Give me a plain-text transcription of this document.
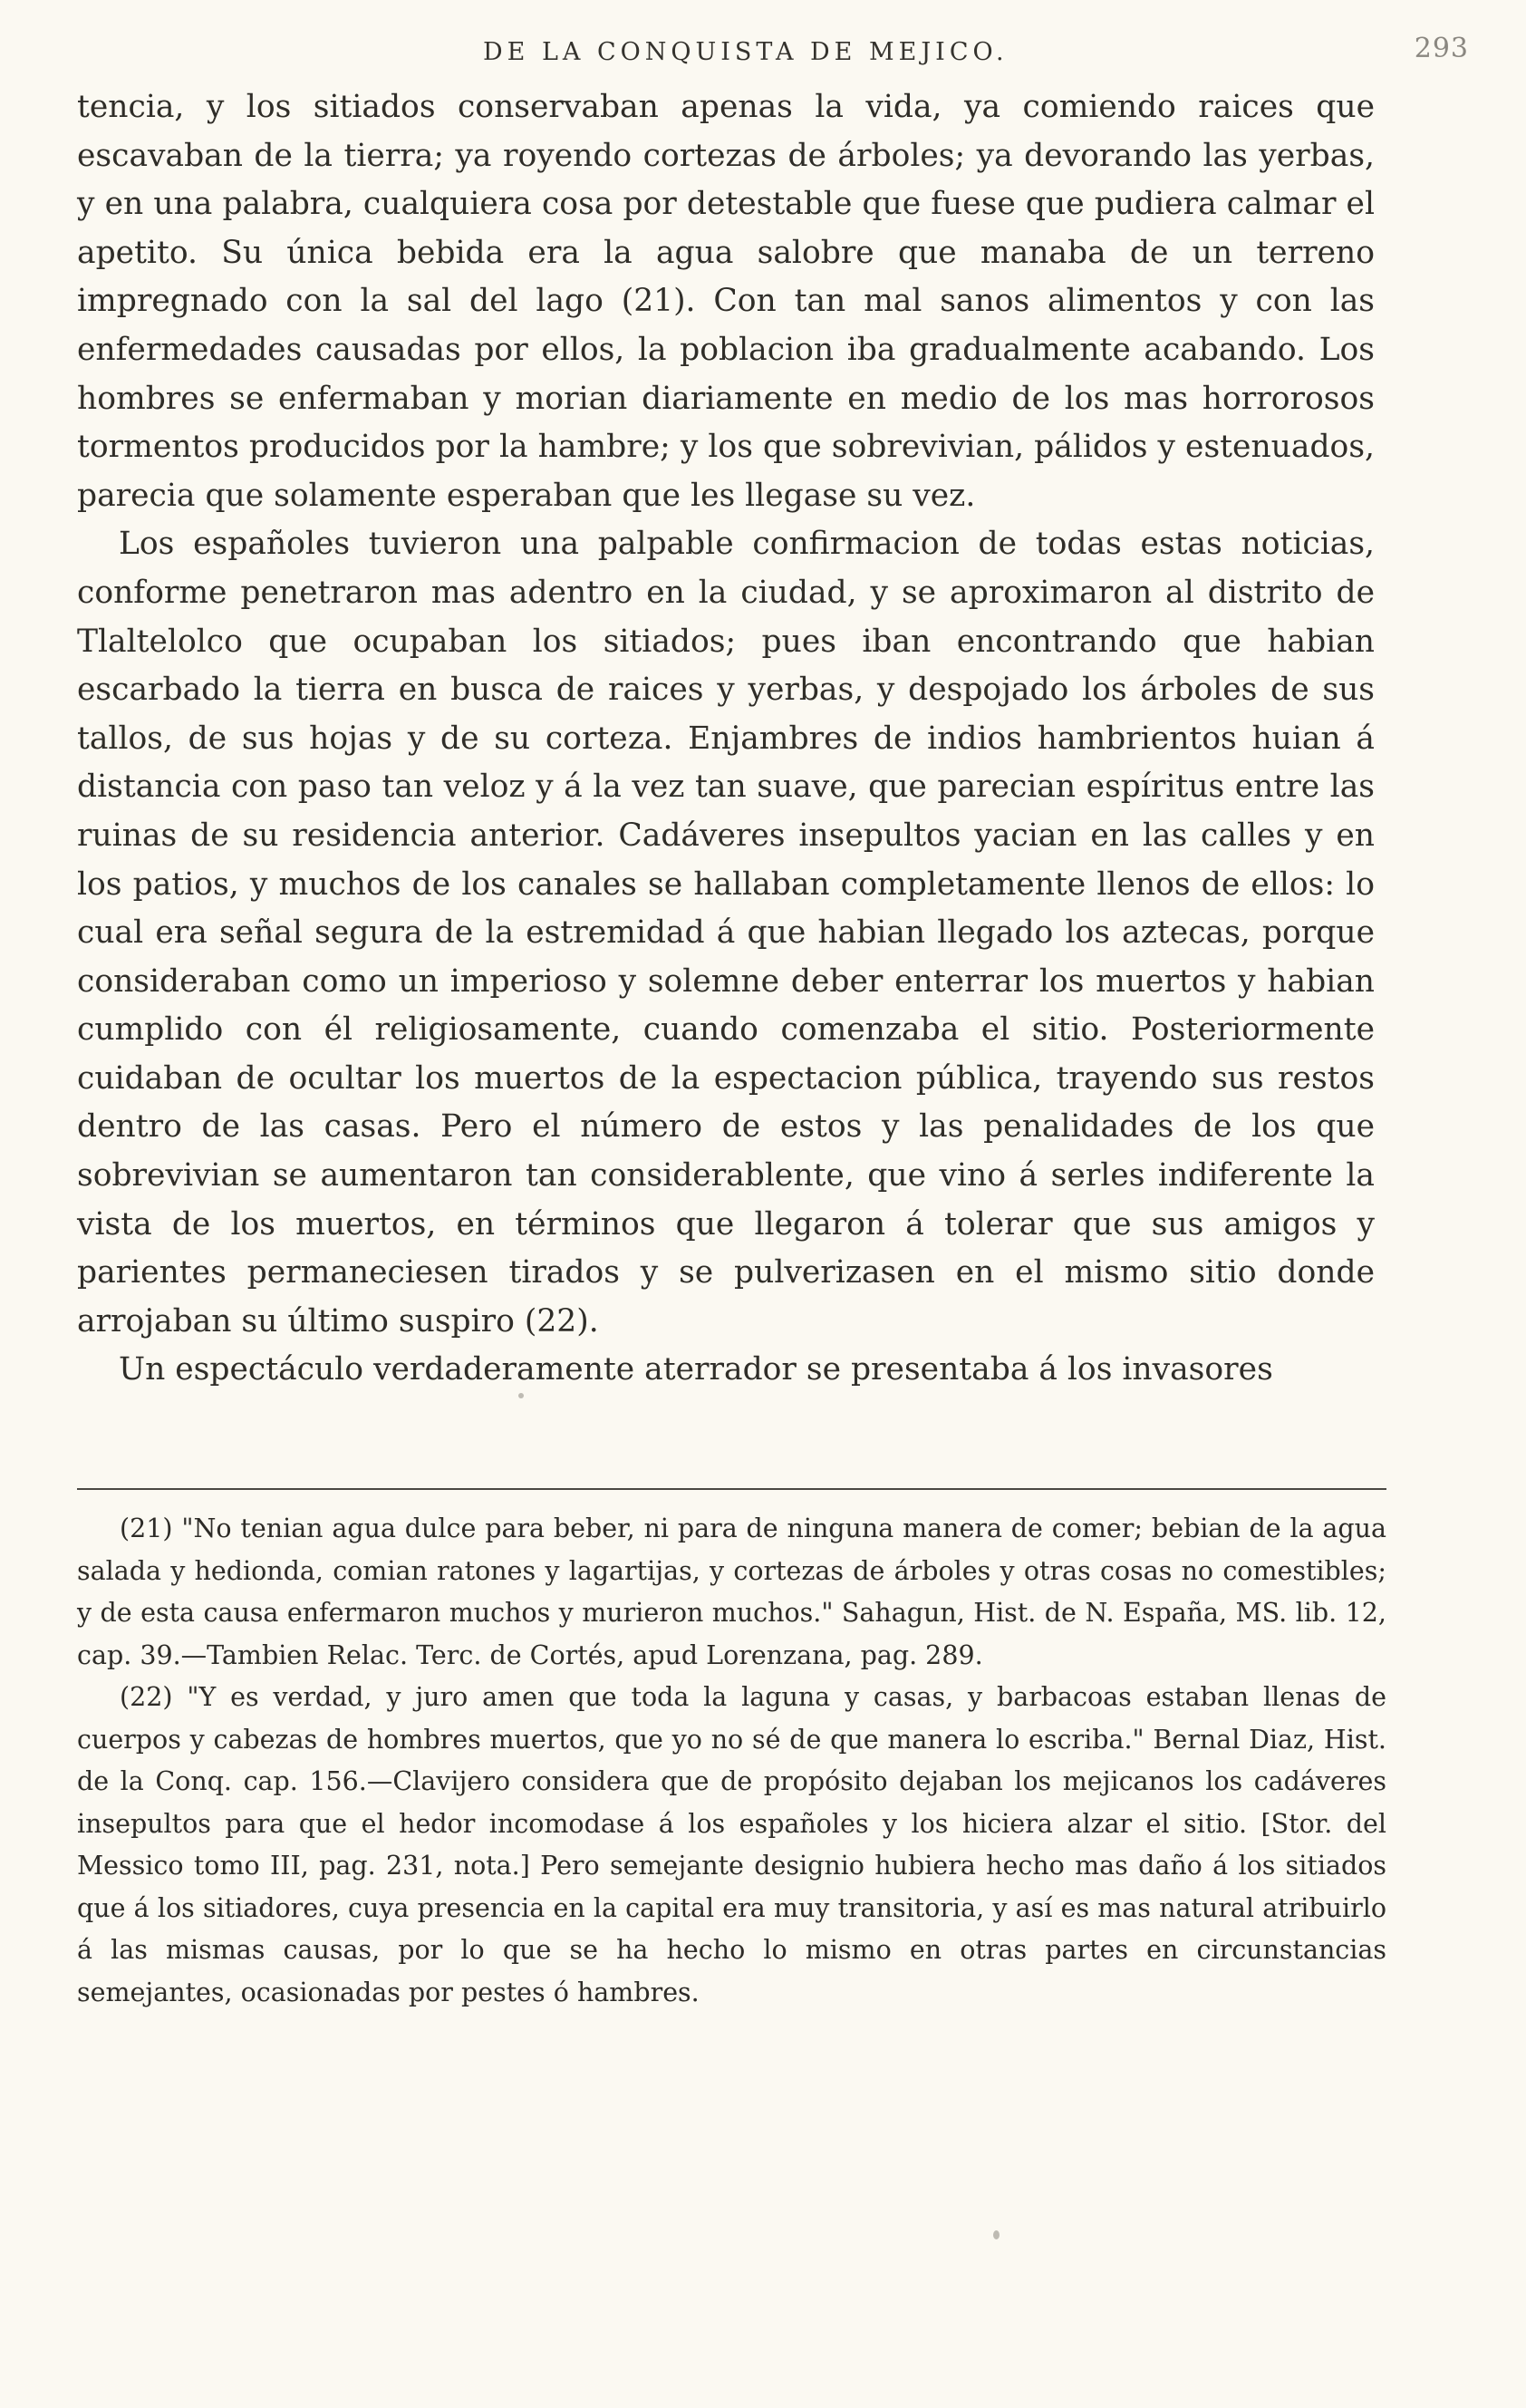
DE LA CONQUISTA DE MEJICO.	293

tencia, y los sitiados conservaban apenas la vida, ya comiendo raices que escavaban de la tierra; ya royendo cortezas de árboles; ya devorando las yerbas, y en una palabra, cualquiera cosa por detestable que fuese que pudiera calmar el apetito. Su única bebida era la agua salobre que manaba de un terreno impregnado con la sal del lago (21). Con tan mal sanos alimentos y con las enfermedades causadas por ellos, la poblacion iba gradualmente acabando. Los hombres se enfermaban y morian diariamente en medio de los mas horrorosos tormentos producidos por la hambre; y los que sobrevivian, pálidos y estenuados, parecia que solamente esperaban que les llegase su vez.

Los españoles tuvieron una palpable confirmacion de todas estas noticias, conforme penetraron mas adentro en la ciudad, y se aproximaron al distrito de Tlaltelolco que ocupaban los sitiados; pues iban encontrando que habian escarbado la tierra en busca de raices y yerbas, y despojado los árboles de sus tallos, de sus hojas y de su corteza. Enjambres de indios hambrientos huian á distancia con paso tan veloz y á la vez tan suave, que parecian espíritus entre las ruinas de su residencia anterior. Cadáveres insepultos yacian en las calles y en los patios, y muchos de los canales se hallaban completamente llenos de ellos: lo cual era señal segura de la estremidad á que habian llegado los aztecas, porque consideraban como un imperioso y solemne deber enterrar los muertos y habian cumplido con él religiosamente, cuando comenzaba el sitio. Posteriormente cuidaban de ocultar los muertos de la espectacion pública, trayendo sus restos dentro de las casas. Pero el número de estos y las penalidades de los que sobrevivian se aumentaron tan considerablente, que vino á serles indiferente la vista de los muertos, en términos que llegaron á tolerar que sus amigos y parientes permaneciesen tirados y se pulverizasen en el mismo sitio donde arrojaban su último suspiro (22).

Un espectáculo verdaderamente aterrador se presentaba á los invasores

(21) "No tenian agua dulce para beber, ni para de ninguna manera de comer; bebian de la agua salada y hedionda, comian ratones y lagartijas, y cortezas de árboles y otras cosas no comestibles; y de esta causa enfermaron muchos y murieron muchos." Sahagun, Hist. de N. España, MS. lib. 12, cap. 39.—Tambien Relac. Terc. de Cortés, apud Lorenzana, pag. 289.

(22) "Y es verdad, y juro amen que toda la laguna y casas, y barbacoas estaban llenas de cuerpos y cabezas de hombres muertos, que yo no sé de que manera lo escriba." Bernal Diaz, Hist. de la Conq. cap. 156.—Clavijero considera que de propósito dejaban los mejicanos los cadáveres insepultos para que el hedor incomodase á los españoles y los hiciera alzar el sitio. [Stor. del Messico tomo III, pag. 231, nota.] Pero semejante designio hubiera hecho mas daño á los sitiados que á los sitiadores, cuya presencia en la capital era muy transitoria, y así es mas natural atribuirlo á las mismas causas, por lo que se ha hecho lo mismo en otras partes en circunstancias semejantes, ocasionadas por pestes ó hambres.
